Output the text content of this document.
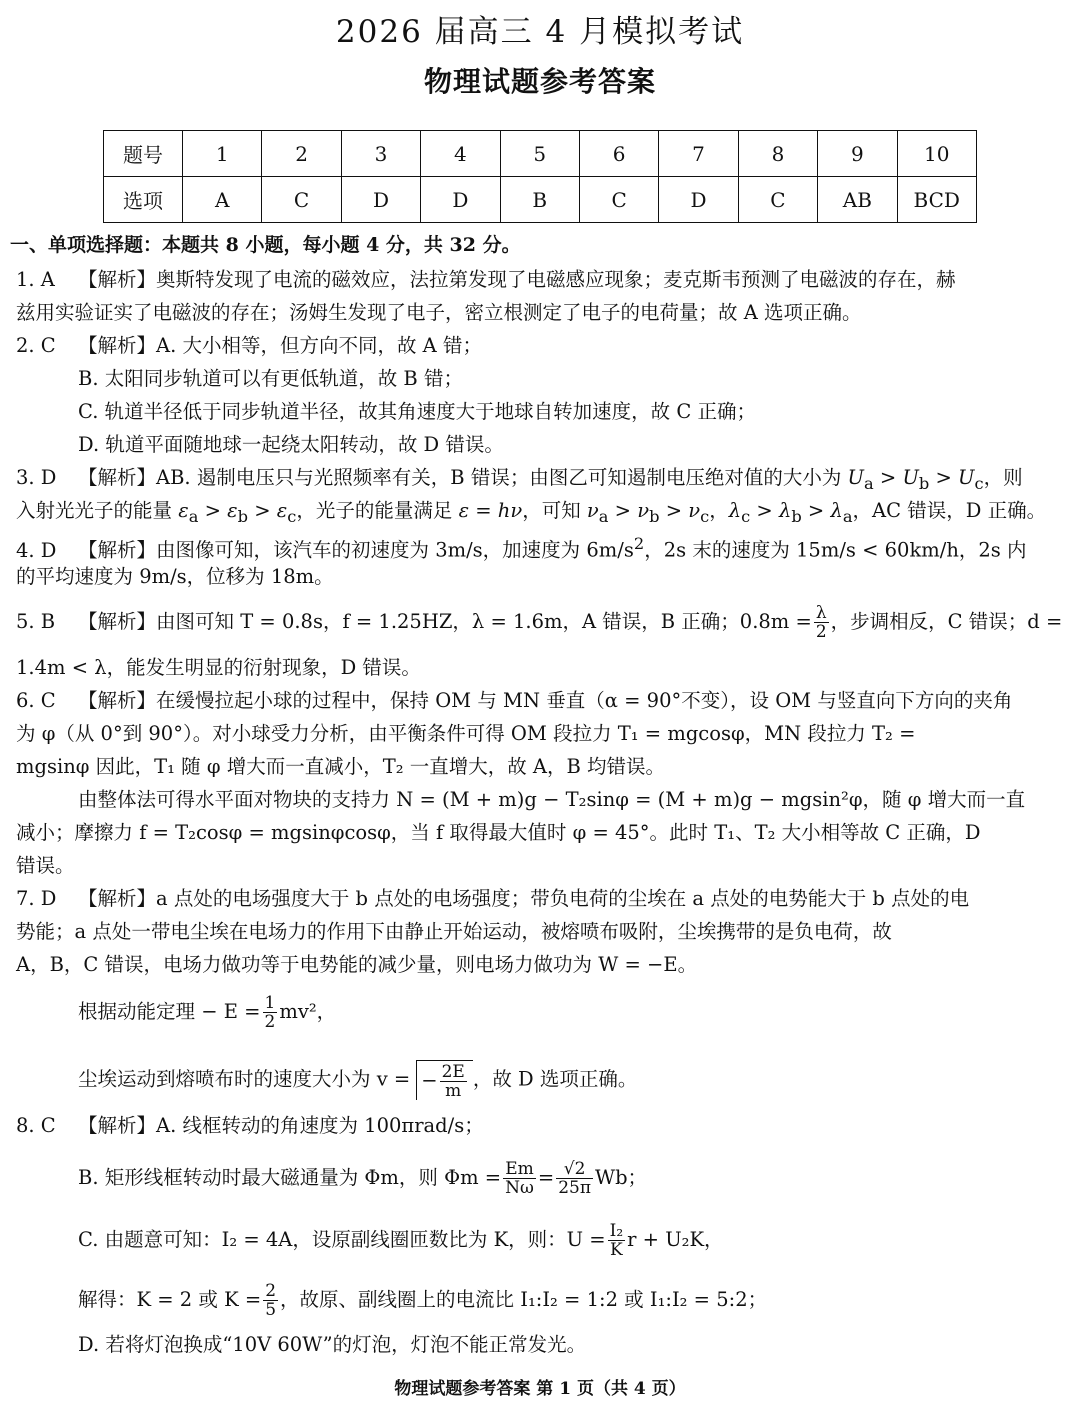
2026 届高三 4 月模拟考试
物理试题参考答案
题号	1	2	3	4	5	6	7	8	9	10
选项	A	C	D	D	B	C	D	C	AB	BCD
一、单项选择题：本题共 8 小题，每小题 4 分，共 32 分。
1. A 【解析】奥斯特发现了电流的磁效应，法拉第发现了电磁感应现象；麦克斯韦预测了电磁波的存在，赫
兹用实验证实了电磁波的存在；汤姆生发现了电子，密立根测定了电子的电荷量；故 A 选项正确。
2. C 【解析】A. 大小相等，但方向不同，故 A 错；
B. 太阳同步轨道可以有更低轨道，故 B 错；
C. 轨道半径低于同步轨道半径，故其角速度大于地球自转加速度，故 C 正确；
D. 轨道平面随地球一起绕太阳转动，故 D 错误。
3. D 【解析】AB. 遏制电压只与光照频率有关，B 错误；由图乙可知遏制电压绝对值的大小为 $U_a > U_b > U_c$，则
入射光光子的能量 $\varepsilon_a > \varepsilon_b > \varepsilon_c$，光子的能量满足 ε = hν，可知 $\nu_a > \nu_b > \nu_c$，$\lambda_c > \lambda_b > \lambda_a$，AC 错误，D 正确。
4. D 【解析】由图像可知，该汽车的初速度为 3m/s，加速度为 $6m/s^2$，2s 末的速度为 15m/s < 60km/h，2s 内
的平均速度为 9m/s，位移为 18m。
5. B 【解析】由图可知 T = 0.8s，f = 1.25HZ，λ = 1.6m，A 错误，B 正确；$0.8m = \frac{\lambda}{2}$ ，步调相反，C 错误；d =
1.4m < λ，能发生明显的衍射现象，D 错误。
6. C 【解析】在缓慢拉起小球的过程中，保持 OM 与 MN 垂直（α = 90°不变），设 OM 与竖直向下方向的夹角
为 φ（从 0°到 90°）。对小球受力分析，由平衡条件可得 OM 段拉力 T₁ = mgcosφ，MN 段拉力 T₂ =
mgsinφ 因此，T₁ 随 φ 增大而一直减小，T₂ 一直增大，故 A，B 均错误。
由整体法可得水平面对物块的支持力 N = (M + m)g − T₂sinφ = (M + m)g − mgsin²φ，随 φ 增大而一直
减小；摩擦力 f = T₂cosφ = mgsinφcosφ，当 f 取得最大值时 φ = 45°。此时 T₁、T₂ 大小相等故 C 正确，D
错误。
7. D 【解析】a 点处的电场强度大于 b 点处的电场强度；带负电荷的尘埃在 a 点处的电势能大于 b 点处的电
势能；a 点处一带电尘埃在电场力的作用下由静止开始运动，被熔喷布吸附，尘埃携带的是负电荷，故
A，B，C 错误，电场力做功等于电势能的减少量，则电场力做功为 W = −E。
根据动能定理 − $E = \frac{1}{2} mv^2$，
尘埃运动到熔喷布时的速度大小为 v = − $\frac{2E}{m}$ ，故 D 选项正确。
8. C 【解析】A. 线框转动的角速度为 100πrad/s；
B. 矩形线框转动时最大磁通量为 Φm，则 $\Phi m = \frac{Em}{N\omega} = \frac{√2}{25\pi}$ Wb；
C. 由题意可知：I₂ = 4A，设原副线圈匝数比为 K，则：$U = \frac{\text{I₂}}{K}$ r + U₂K，
解得：K = 2 或 $K = \frac{2}{5}$ ，故原、副线圈上的电流比 I₁:I₂ = 1:2 或 I₁:I₂ = 5:2；
D. 若将灯泡换成“10V 60W”的灯泡，灯泡不能正常发光。
物理试题参考答案 第 1 页（共 4 页）
